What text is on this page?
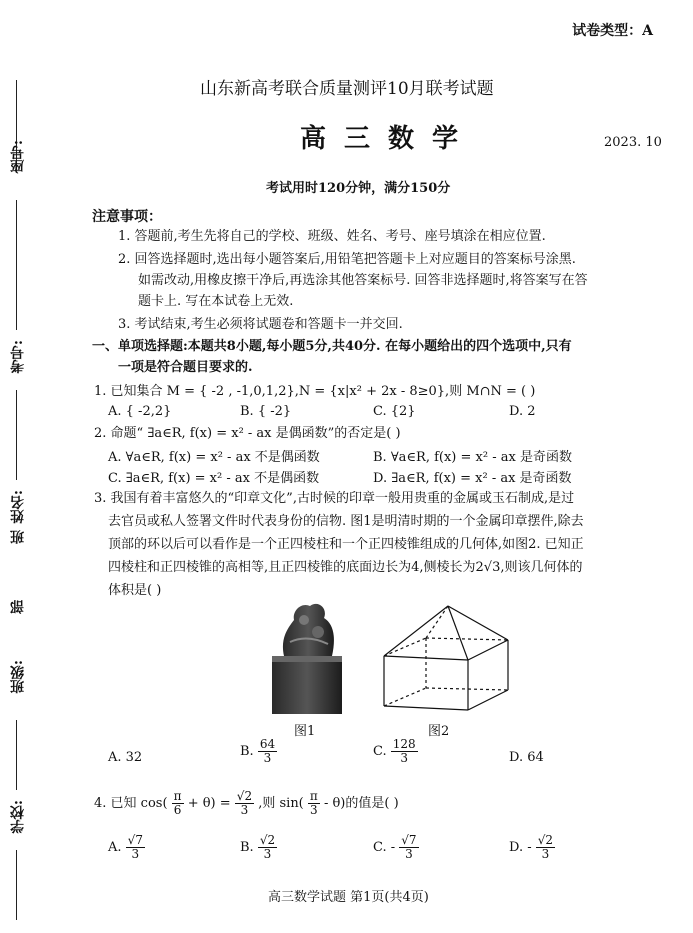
座号:
考号:
姓名:
班
部
班级:
学校:
试卷类型：A
山东新高考联合质量测评10月联考试题
高三数学	2023. 10
考试用时120分钟，满分150分
注意事项：
1. 答题前,考生先将自己的学校、班级、姓名、考号、座号填涂在相应位置.
2. 回答选择题时,选出每小题答案后,用铅笔把答题卡上对应题目的答案标号涂黑.
如需改动,用橡皮擦干净后,再选涂其他答案标号. 回答非选择题时,将答案写在答
题卡上. 写在本试卷上无效.
3. 考试结束,考生必须将试题卷和答题卡一并交回.
一、单项选择题:本题共8小题,每小题5分,共40分. 在每小题给出的四个选项中,只有
一项是符合题目要求的.
1. 已知集合 M = { -2 , -1,0,1,2},N = {x|x² + 2x - 8≥0},则 M∩N = ( )
A. { -2,2}	B. { -2}	C. {2}	D. 2
2. 命题“ ∃a∈R, f(x) = x² - ax 是偶函数”的否定是( )
A. ∀a∈R, f(x) = x² - ax 不是偶函数	B. ∀a∈R, f(x) = x² - ax 是奇函数
C. ∃a∈R, f(x) = x² - ax 不是偶函数	D. ∃a∈R, f(x) = x² - ax 是奇函数
3. 我国有着丰富悠久的“印章文化”,古时候的印章一般用贵重的金属或玉石制成,是过
去官员或私人签署文件时代表身份的信物. 图1是明清时期的一个金属印章摆件,除去
顶部的环以后可以看作是一个正四棱柱和一个正四棱锥组成的几何体,如图2. 已知正
四棱柱和正四棱锥的高相等,且正四棱锥的底面边长为4,侧棱长为2√3,则该几何体的
体积是( )
图1	图2
A. 32	B. $\frac{64}{3}$	C. $\frac{128}{3}$	D. 64
4. 已知 $\cos( \frac{\pi}{6} + \theta) = \frac{√2}{3}$ ,则 $\sin( \frac{\pi}{3} - \theta)$的值是( )
A. $\frac{√7}{3}$	B. $\frac{√2}{3}$	C. - $\frac{√7}{3}$	D. - $\frac{√2}{3}$
高三数学试题 第1页(共4页)
